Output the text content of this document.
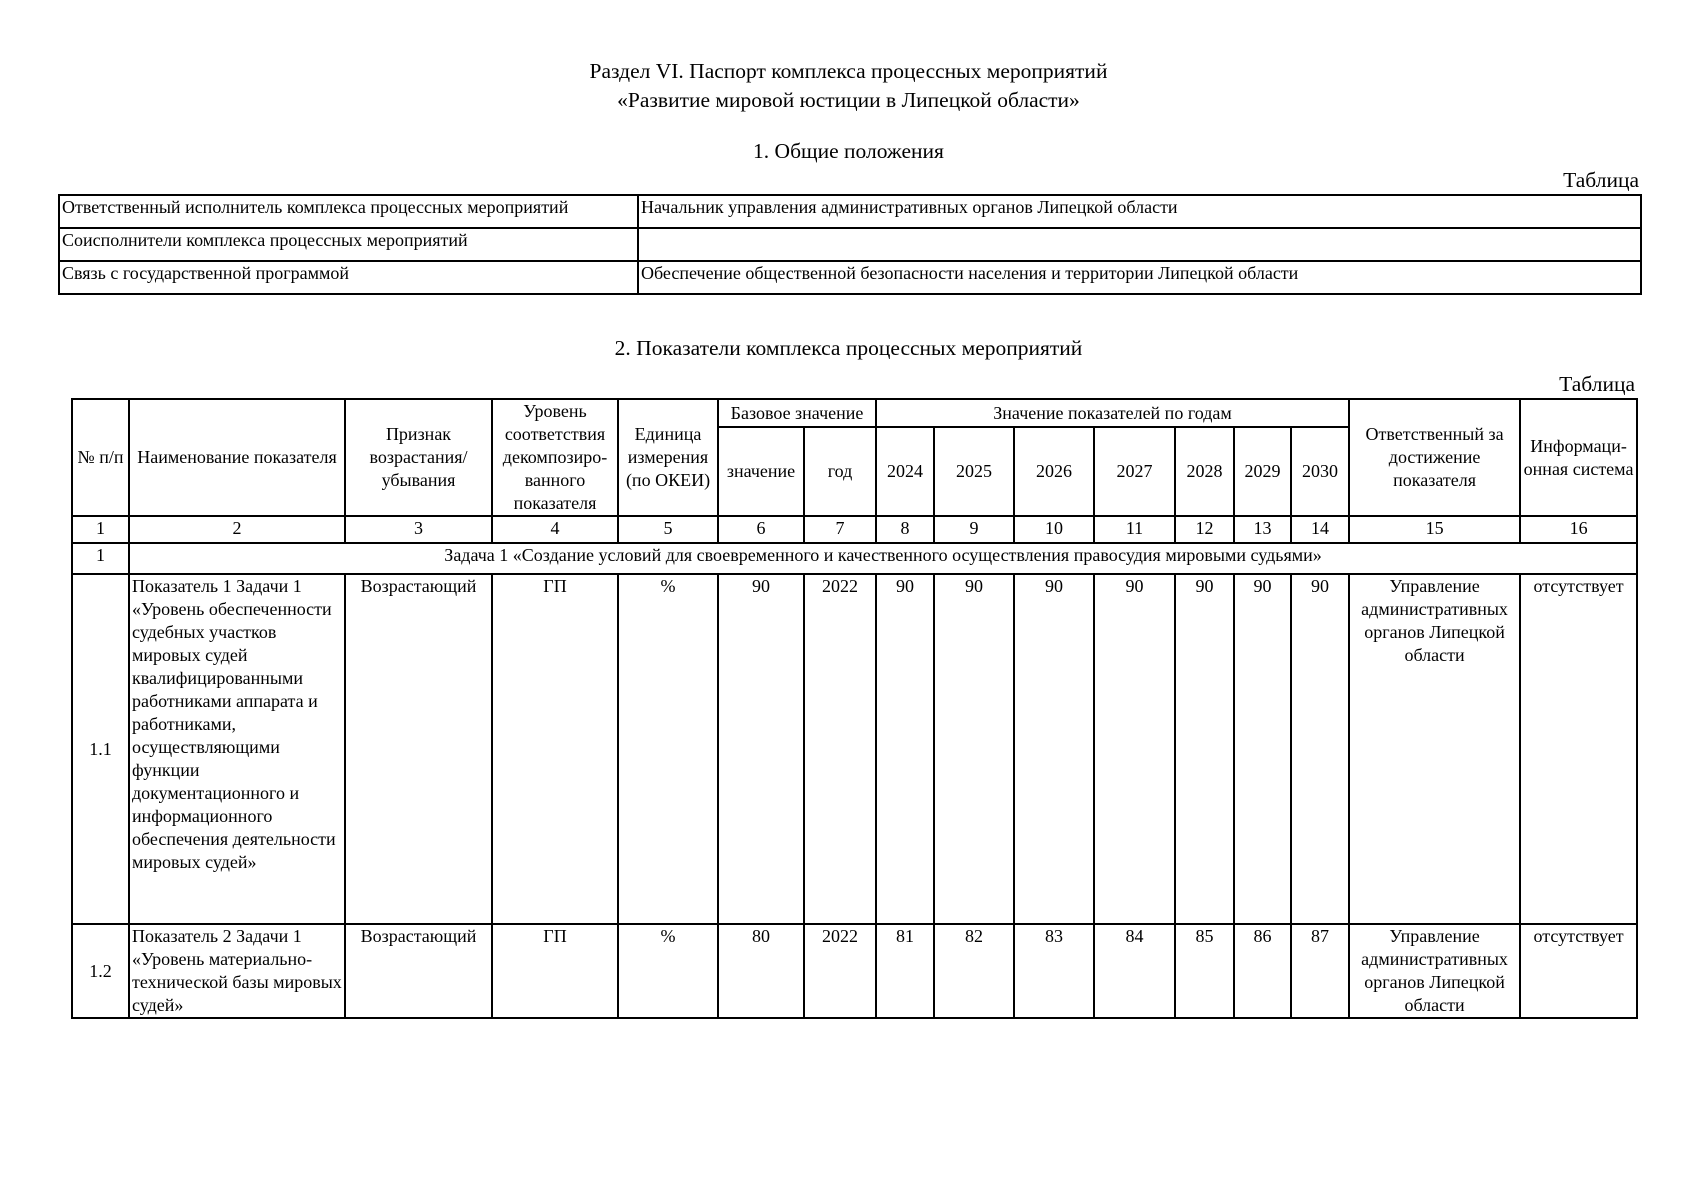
Раздел VI. Паспорт комплекса процессных мероприятий
«Развитие мировой юстиции в Липецкой области»
1. Общие положения
Таблица
Ответственный исполнитель комплекса процессных мероприятий	Начальник управления административных органов Липецкой области
Соисполнители комплекса процессных мероприятий	
Связь с государственной программой	Обеспечение общественной безопасности населения и территории Липецкой области
2. Показатели комплекса процессных мероприятий
Таблица
№ п/п	Наименование показателя	Признак возрастания/ убывания	Уровень соответствия декомпозиро-ванного показателя	Единица измерения (по ОКЕИ)	Базовое значение		Значение показателей по годам							Ответственный за достижение показателя	Информаци-онная система
					значение	год	2024	2025	2026	2027	2028	2029	2030		
1	2	3	4	5	6	7	8	9	10	11	12	13	14	15	16
1	Задача 1 «Создание условий для своевременного и качественного осуществления правосудия мировыми судьями»														
1.1	Показатель 1 Задачи 1 «Уровень обеспеченности судебных участков мировых судей квалифицированными работниками аппарата и работниками, осуществляющими функции документационного и информационного обеспечения деятельности мировых судей»	Возрастающий	ГП	%	90	2022	90	90	90	90	90	90	90	Управление административных органов Липецкой области	отсутствует
1.2	Показатель 2 Задачи 1 «Уровень материально-технической базы мировых судей»	Возрастающий	ГП	%	80	2022	81	82	83	84	85	86	87	Управление административных органов Липецкой области	отсутствует
